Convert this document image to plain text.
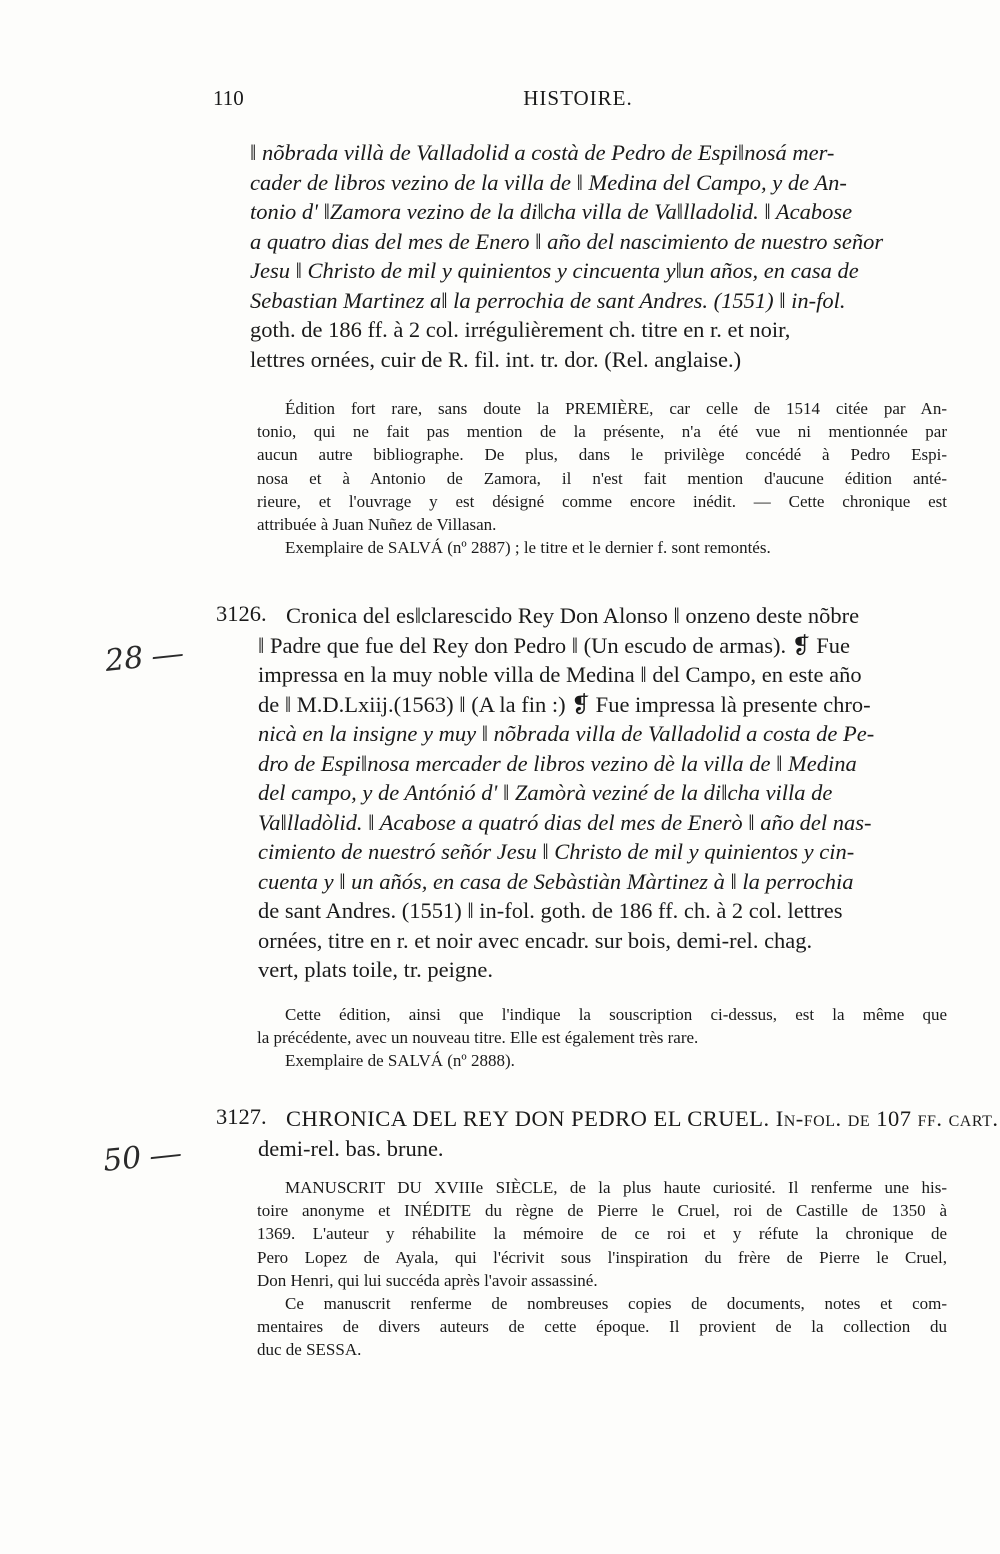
110	HISTOIRE.
‖ nõbrada villà de Valladolid a costà de Pedro de Espi‖nosá mer-
cader de libros vezino de la villa de ‖ Medina del Campo, y de An-
tonio d' ‖Zamora vezino de la di‖cha villa de Va‖lladolid. ‖ Acabose
a quatro dias del mes de Enero ‖ año del nascimiento de nuestro señor
Jesu ‖ Christo de mil y quinientos y cincuenta y‖un años, en casa de
Sebastian Martinez a‖ la perrochia de sant Andres. (1551) ‖ in-fol.
goth. de 186 ff. à 2 col. irrégulièrement ch. titre en r. et noir,
lettres ornées, cuir de R. fil. int. tr. dor. (Rel. anglaise.)
Édition fort rare, sans doute la PREMIÈRE, car celle de 1514 citée par An-
tonio, qui ne fait pas mention de la présente, n'a été vue ni mentionnée par
aucun autre bibliographe. De plus, dans le privilège concédé à Pedro Espi-
nosa et à Antonio de Zamora, il n'est fait mention d'aucune édition anté-
rieure, et l'ouvrage y est désigné comme encore inédit. — Cette chronique est
attribuée à Juan Nuñez de Villasan.
Exemplaire de SALVÁ (nº 2887) ; le titre et le dernier f. sont remontés.
28 ―
3126. Cronica del es‖clarescido Rey Don Alonso ‖ onzeno deste nõbre
‖ Padre que fue del Rey don Pedro ‖ (Un escudo de armas). ❡ Fue
impressa en la muy noble villa de Medina ‖ del Campo, en este año
de ‖ M.D.Lxiij.(1563) ‖ (A la fin :) ❡ Fue impressa là presente chro-
nicà en la insigne y muy ‖ nõbrada villa de Valladolid a costa de Pe-
dro de Espi‖nosa mercader de libros vezino dè la villa de ‖ Medina
del campo, y de Antónió d' ‖ Zamòrà veziné de la di‖cha villa de
Va‖lladòlid. ‖ Acabose a quatró dias del mes de Enerò ‖ año del nas-
cimiento de nuestró señór Jesu ‖ Christo de mil y quinientos y cin-
cuenta y ‖ un añós, en casa de Sebàstiàn Màrtinez à ‖ la perrochia
de sant Andres. (1551) ‖ in-fol. goth. de 186 ff. ch. à 2 col. lettres
ornées, titre en r. et noir avec encadr. sur bois, demi-rel. chag.
vert, plats toile, tr. peigne.
Cette édition, ainsi que l'indique la souscription ci-dessus, est la même que
la précédente, avec un nouveau titre. Elle est également très rare.
Exemplaire de SALVÁ (nº 2888).
50 ―
3127. CHRONICA DEL REY DON PEDRO EL CRUEL. In-fol. de 107 ff. cart.
demi-rel. bas. brune.
MANUSCRIT DU XVIIIe SIÈCLE, de la plus haute curiosité. Il renferme une his-
toire anonyme et INÉDITE du règne de Pierre le Cruel, roi de Castille de 1350 à
1369. L'auteur y réhabilite la mémoire de ce roi et y réfute la chronique de
Pero Lopez de Ayala, qui l'écrivit sous l'inspiration du frère de Pierre le Cruel,
Don Henri, qui lui succéda après l'avoir assassiné.
Ce manuscrit renferme de nombreuses copies de documents, notes et com-
mentaires de divers auteurs de cette époque. Il provient de la collection du
duc de SESSA.
